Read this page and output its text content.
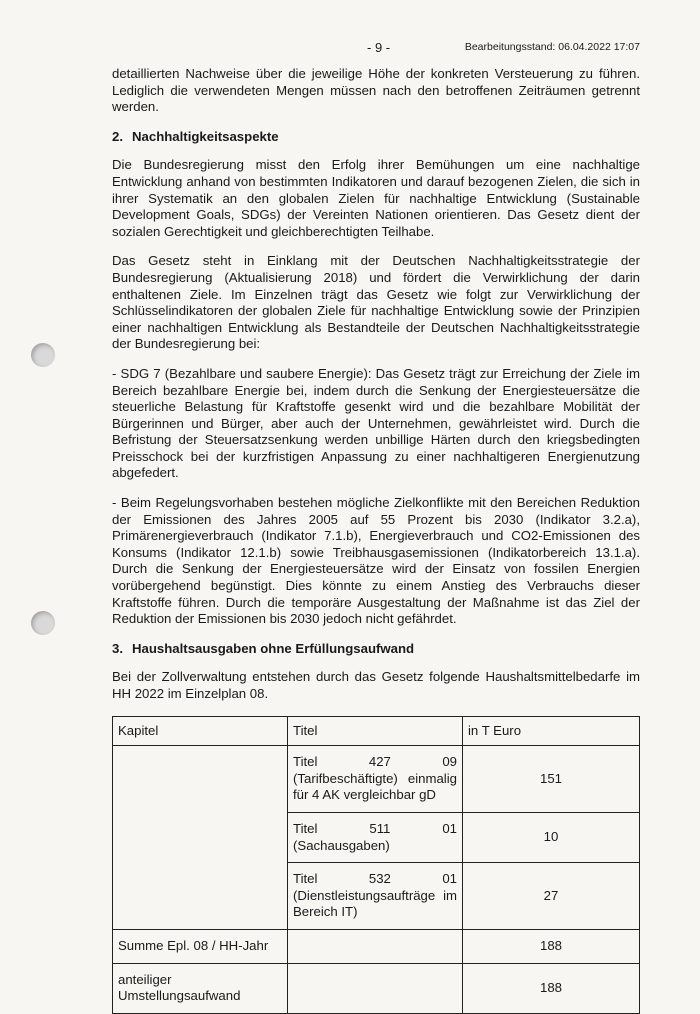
- 9 -	Bearbeitungsstand: 06.04.2022 17:07

detaillierten Nachweise über die jeweilige Höhe der konkreten Versteuerung zu führen. Lediglich die verwendeten Mengen müssen nach den betroffenen Zeiträumen getrennt werden.

2. Nachhaltigkeitsaspekte

Die Bundesregierung misst den Erfolg ihrer Bemühungen um eine nachhaltige Entwicklung anhand von bestimmten Indikatoren und darauf bezogenen Zielen, die sich in ihrer Systematik an den globalen Zielen für nachhaltige Entwicklung (Sustainable Development Goals, SDGs) der Vereinten Nationen orientieren. Das Gesetz dient der sozialen Gerechtigkeit und gleichberechtigten Teilhabe.

Das Gesetz steht in Einklang mit der Deutschen Nachhaltigkeitsstrategie der Bundesregierung (Aktualisierung 2018) und fördert die Verwirklichung der darin enthaltenen Ziele. Im Einzelnen trägt das Gesetz wie folgt zur Verwirklichung der Schlüsselindikatoren der globalen Ziele für nachhaltige Entwicklung sowie der Prinzipien einer nachhaltigen Entwicklung als Bestandteile der Deutschen Nachhaltigkeitsstrategie der Bundesregierung bei:

- SDG 7 (Bezahlbare und saubere Energie): Das Gesetz trägt zur Erreichung der Ziele im Bereich bezahlbare Energie bei, indem durch die Senkung der Energiesteuersätze die steuerliche Belastung für Kraftstoffe gesenkt wird und die bezahlbare Mobilität der Bürgerinnen und Bürger, aber auch der Unternehmen, gewährleistet wird. Durch die Befristung der Steuersatzsenkung werden unbillige Härten durch den kriegsbedingten Preisschock bei der kurzfristigen Anpassung zu einer nachhaltigeren Energienutzung abgefedert.

- Beim Regelungsvorhaben bestehen mögliche Zielkonflikte mit den Bereichen Reduktion der Emissionen des Jahres 2005 auf 55 Prozent bis 2030 (Indikator 3.2.a), Primärenergieverbrauch (Indikator 7.1.b), Energieverbrauch und CO2-Emissionen des Konsums (Indikator 12.1.b) sowie Treibhausgasemissionen (Indikatorbereich 13.1.a). Durch die Senkung der Energiesteuersätze wird der Einsatz von fossilen Energien vorübergehend begünstigt. Dies könnte zu einem Anstieg des Verbrauchs dieser Kraftstoffe führen. Durch die temporäre Ausgestaltung der Maßnahme ist das Ziel der Reduktion der Emissionen bis 2030 jedoch nicht gefährdet.

3. Haushaltsausgaben ohne Erfüllungsaufwand

Bei der Zollverwaltung entstehen durch das Gesetz folgende Haushaltsmittelbedarfe im HH 2022 im Einzelplan 08.

Kapitel	Titel	in T Euro
	Titel 427 09 (Tarifbeschäftigte) einmalig für 4 AK vergleichbar gD	151
	Titel 511 01 (Sachausgaben)	10
	Titel 532 01 (Dienstleistungsaufträge im Bereich IT)	27
Summe Epl. 08 / HH-Jahr		188
anteiliger Umstellungsaufwand		188
